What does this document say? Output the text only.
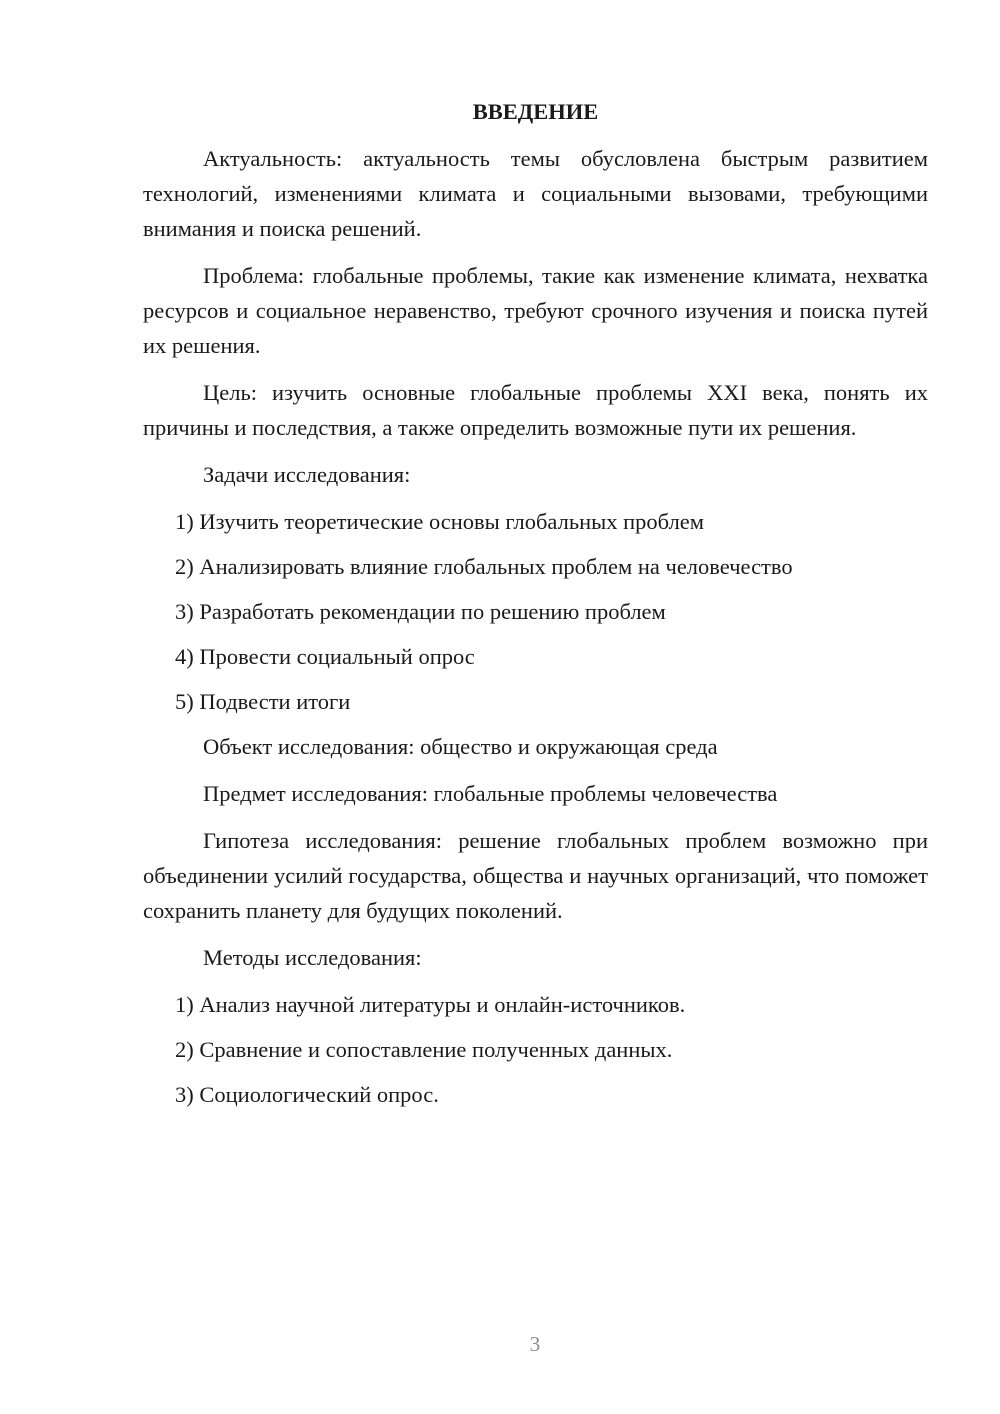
ВВЕДЕНИЕ

Актуальность: актуальность темы обусловлена быстрым развитием технологий, изменениями климата и социальными вызовами, требующими внимания и поиска решений.

Проблема: глобальные проблемы, такие как изменение климата, нехватка ресурсов и социальное неравенство, требуют срочного изучения и поиска путей их решения.

Цель: изучить основные глобальные проблемы XXI века, понять их причины и последствия, а также определить возможные пути их решения.

Задачи исследования:

1) Изучить теоретические основы глобальных проблем
2) Анализировать влияние глобальных проблем на человечество
3) Разработать рекомендации по решению проблем
4) Провести социальный опрос
5) Подвести итоги

Объект исследования: общество и окружающая среда

Предмет исследования: глобальные проблемы человечества

Гипотеза исследования: решение глобальных проблем возможно при объединении усилий государства, общества и научных организаций, что поможет сохранить планету для будущих поколений.

Методы исследования:

1) Анализ научной литературы и онлайн-источников.
2) Сравнение и сопоставление полученных данных.
3) Социологический опрос.
3
